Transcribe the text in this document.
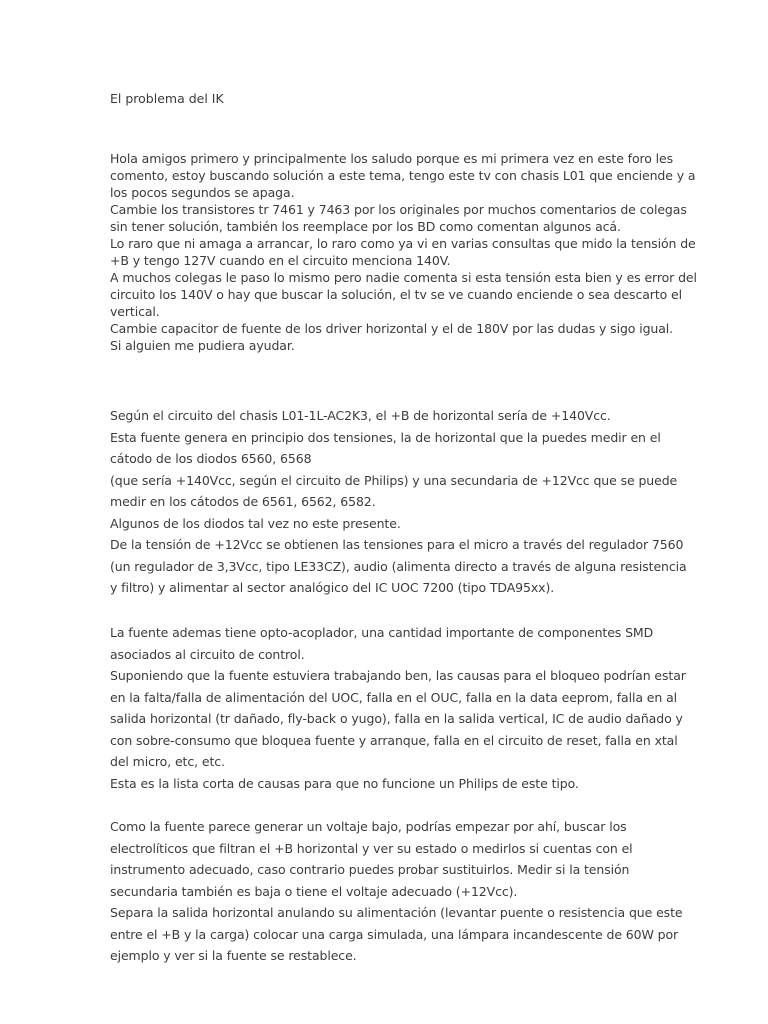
El problema del IK
Hola amigos primero y principalmente los saludo porque es mi primera vez en este foro les
comento, estoy buscando solución a este tema, tengo este tv con chasis L01 que enciende y a
los pocos segundos se apaga.
Cambie los transistores tr 7461 y 7463 por los originales por muchos comentarios de colegas
sin tener solución, también los reemplace por los BD como comentan algunos acá.
Lo raro que ni amaga a arrancar, lo raro como ya vi en varias consultas que mido la tensión de
+B y tengo 127V cuando en el circuito menciona 140V.
A muchos colegas le paso lo mismo pero nadie comenta si esta tensión esta bien y es error del
circuito los 140V o hay que buscar la solución, el tv se ve cuando enciende o sea descarto el
vertical.
Cambie capacitor de fuente de los driver horizontal y el de 180V por las dudas y sigo igual.
Si alguien me pudiera ayudar.
Según el circuito del chasis L01-1L-AC2K3, el +B de horizontal sería de +140Vcc.
Esta fuente genera en principio dos tensiones, la de horizontal que la puedes medir en el
cátodo de los diodos 6560, 6568
(que sería +140Vcc, según el circuito de Philips) y una secundaria de +12Vcc que se puede
medir en los cátodos de 6561, 6562, 6582.
Algunos de los diodos tal vez no este presente.
De la tensión de +12Vcc se obtienen las tensiones para el micro a través del regulador 7560
(un regulador de 3,3Vcc, tipo LE33CZ), audio (alimenta directo a través de alguna resistencia
y filtro) y alimentar al sector analógico del IC UOC 7200 (tipo TDA95xx).
La fuente ademas tiene opto-acoplador, una cantidad importante de componentes SMD
asociados al circuito de control.
Suponiendo que la fuente estuviera trabajando ben, las causas para el bloqueo podrían estar
en la falta/falla de alimentación del UOC, falla en el OUC, falla en la data eeprom, falla en al
salida horizontal (tr dañado, fly-back o yugo), falla en la salida vertical, IC de audio dañado y
con sobre-consumo que bloquea fuente y arranque, falla en el circuito de reset, falla en xtal
del micro, etc, etc.
Esta es la lista corta de causas para que no funcione un Philips de este tipo.
Como la fuente parece generar un voltaje bajo, podrías empezar por ahí, buscar los
electrolíticos que filtran el +B horizontal y ver su estado o medirlos si cuentas con el
instrumento adecuado, caso contrario puedes probar sustituirlos. Medir si la tensión
secundaria también es baja o tiene el voltaje adecuado (+12Vcc).
Separa la salida horizontal anulando su alimentación (levantar puente o resistencia que este
entre el +B y la carga) colocar una carga simulada, una lámpara incandescente de 60W por
ejemplo y ver si la fuente se restablece.
